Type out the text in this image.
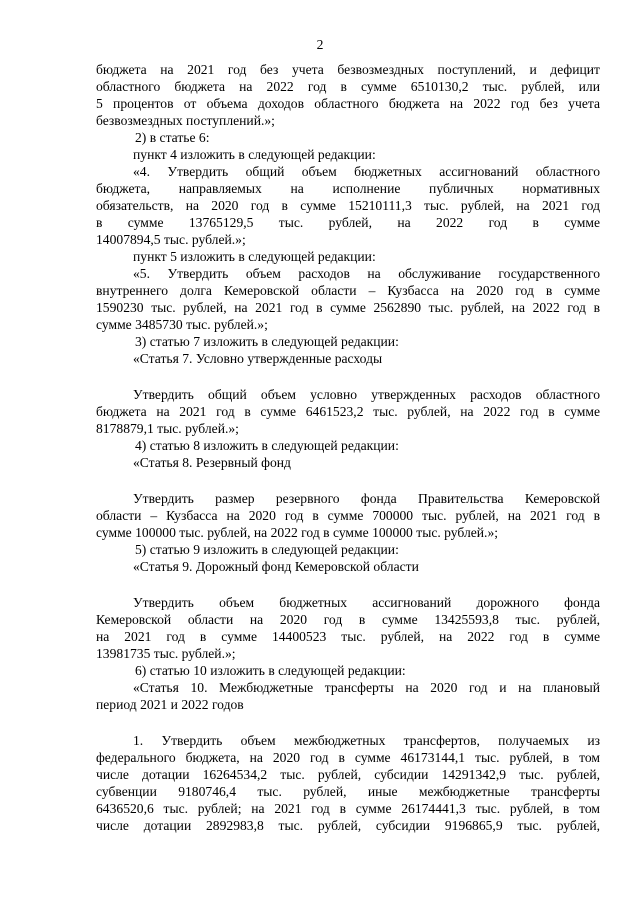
2
бюджета на 2021 год без учета безвозмездных поступлений, и дефицит
областного бюджета на 2022 год в сумме 6510130,2 тыс. рублей, или
5 процентов от объема доходов областного бюджета на 2022 год без учета
безвозмездных поступлений.»;
2) в статье 6:
пункт 4 изложить в следующей редакции:
«4. Утвердить общий объем бюджетных ассигнований областного
бюджета, направляемых на исполнение публичных нормативных
обязательств, на 2020 год в сумме 15210111,3 тыс. рублей, на 2021 год
в сумме 13765129,5 тыс. рублей, на 2022 год в сумме
14007894,5 тыс. рублей.»;
пункт 5 изложить в следующей редакции:
«5. Утвердить объем расходов на обслуживание государственного
внутреннего долга Кемеровской области – Кузбасса на 2020 год в сумме
1590230 тыс. рублей, на 2021 год в сумме 2562890 тыс. рублей, на 2022 год в
сумме 3485730 тыс. рублей.»;
3) статью 7 изложить в следующей редакции:
«Статья 7. Условно утвержденные расходы
Утвердить общий объем условно утвержденных расходов областного
бюджета на 2021 год в сумме 6461523,2 тыс. рублей, на 2022 год в сумме
8178879,1 тыс. рублей.»;
4) статью 8 изложить в следующей редакции:
«Статья 8. Резервный фонд
Утвердить размер резервного фонда Правительства Кемеровской
области – Кузбасса на 2020 год в сумме 700000 тыс. рублей, на 2021 год в
сумме 100000 тыс. рублей, на 2022 год в сумме 100000 тыс. рублей.»;
5) статью 9 изложить в следующей редакции:
«Статья 9. Дорожный фонд Кемеровской области
Утвердить объем бюджетных ассигнований дорожного фонда
Кемеровской области на 2020 год в сумме 13425593,8 тыс. рублей,
на 2021 год в сумме 14400523 тыс. рублей, на 2022 год в сумме
13981735 тыс. рублей.»;
6) статью 10 изложить в следующей редакции:
«Статья 10. Межбюджетные трансферты на 2020 год и на плановый
период 2021 и 2022 годов
1. Утвердить объем межбюджетных трансфертов, получаемых из
федерального бюджета, на 2020 год в сумме 46173144,1 тыс. рублей, в том
числе дотации 16264534,2 тыс. рублей, субсидии 14291342,9 тыс. рублей,
субвенции 9180746,4 тыс. рублей, иные межбюджетные трансферты
6436520,6 тыс. рублей; на 2021 год в сумме 26174441,3 тыс. рублей, в том
числе дотации 2892983,8 тыс. рублей, субсидии 9196865,9 тыс. рублей,
